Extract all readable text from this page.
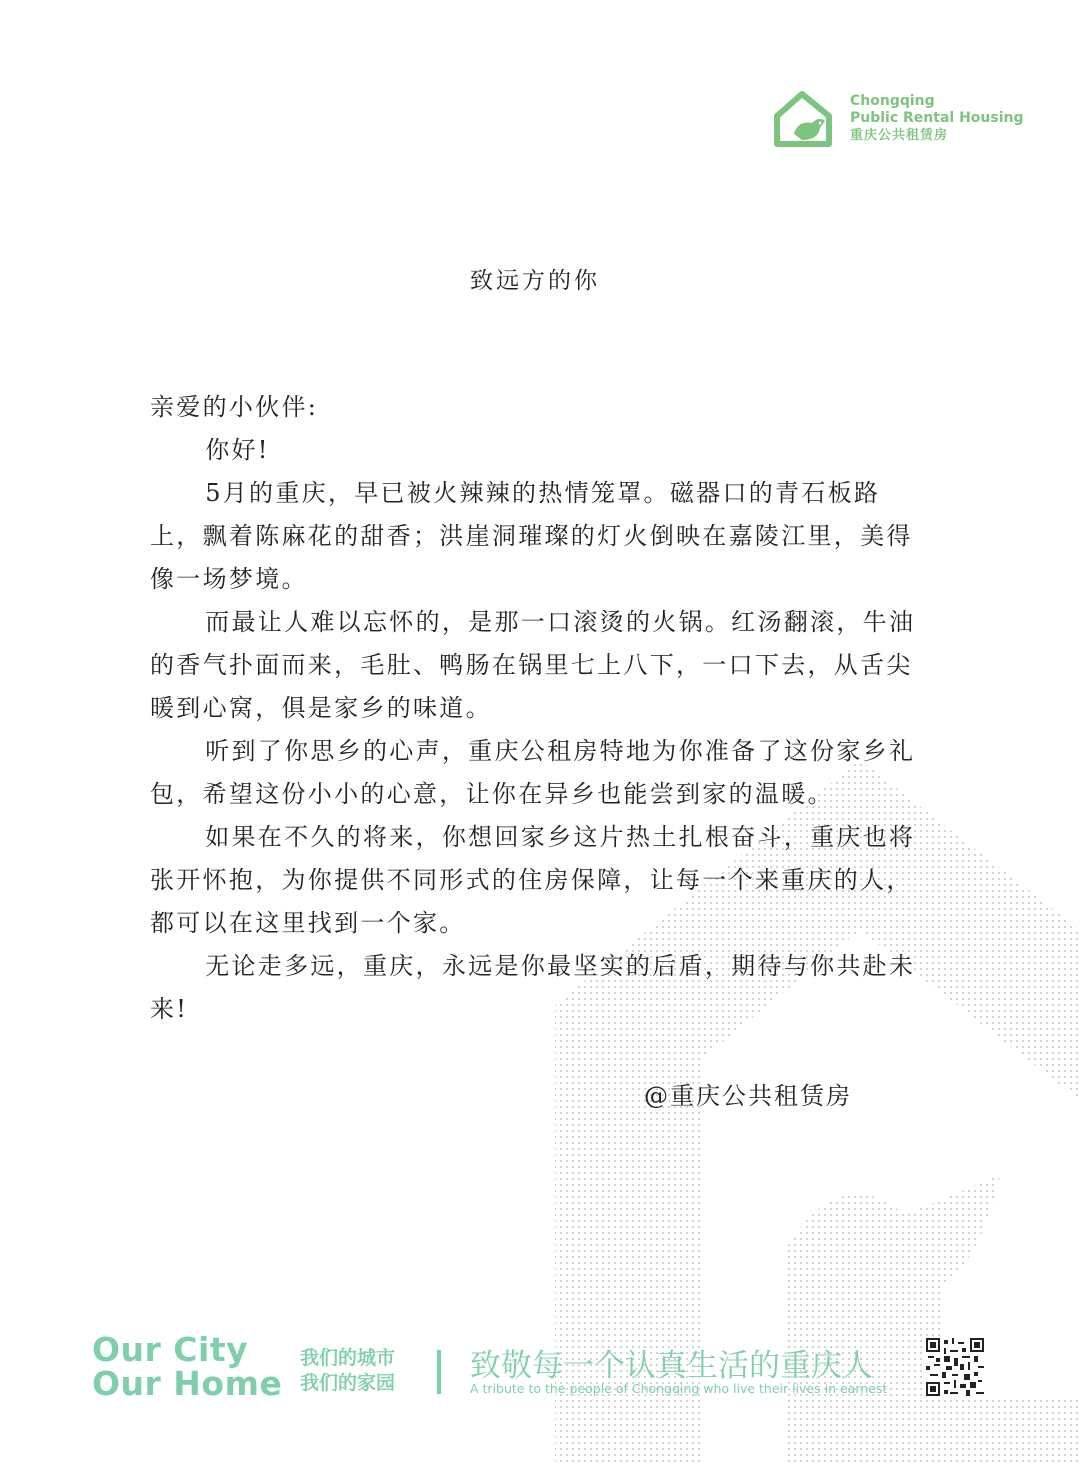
Chongqing
Public Rental Housing
重庆公共租赁房
致远方的你

亲爱的小伙伴:

你好!

5月的重庆，早已被火辣辣的热情笼罩。磁器口的青石板路上，飘着陈麻花的甜香；洪崖洞璀璨的灯火倒映在嘉陵江里，美得像一场梦境。

而最让人难以忘怀的，是那一口滚烫的火锅。红汤翻滚，牛油的香气扑面而来，毛肚、鸭肠在锅里七上八下，一口下去，从舌尖暖到心窝，俱是家乡的味道。

听到了你思乡的心声，重庆公租房特地为你准备了这份家乡礼包，希望这份小小的心意，让你在异乡也能尝到家的温暖。

如果在不久的将来，你想回家乡这片热土扎根奋斗，重庆也将张开怀抱，为你提供不同形式的住房保障，让每一个来重庆的人，都可以在这里找到一个家。

无论走多远，重庆，永远是你最坚实的后盾，期待与你共赴未来!

@重庆公共租赁房
Our City
Our Home
我们的城市
我们的家园 致敬每一个认真生活的重庆人
A tribute to the people of Chongqing who live their lives in earnest
